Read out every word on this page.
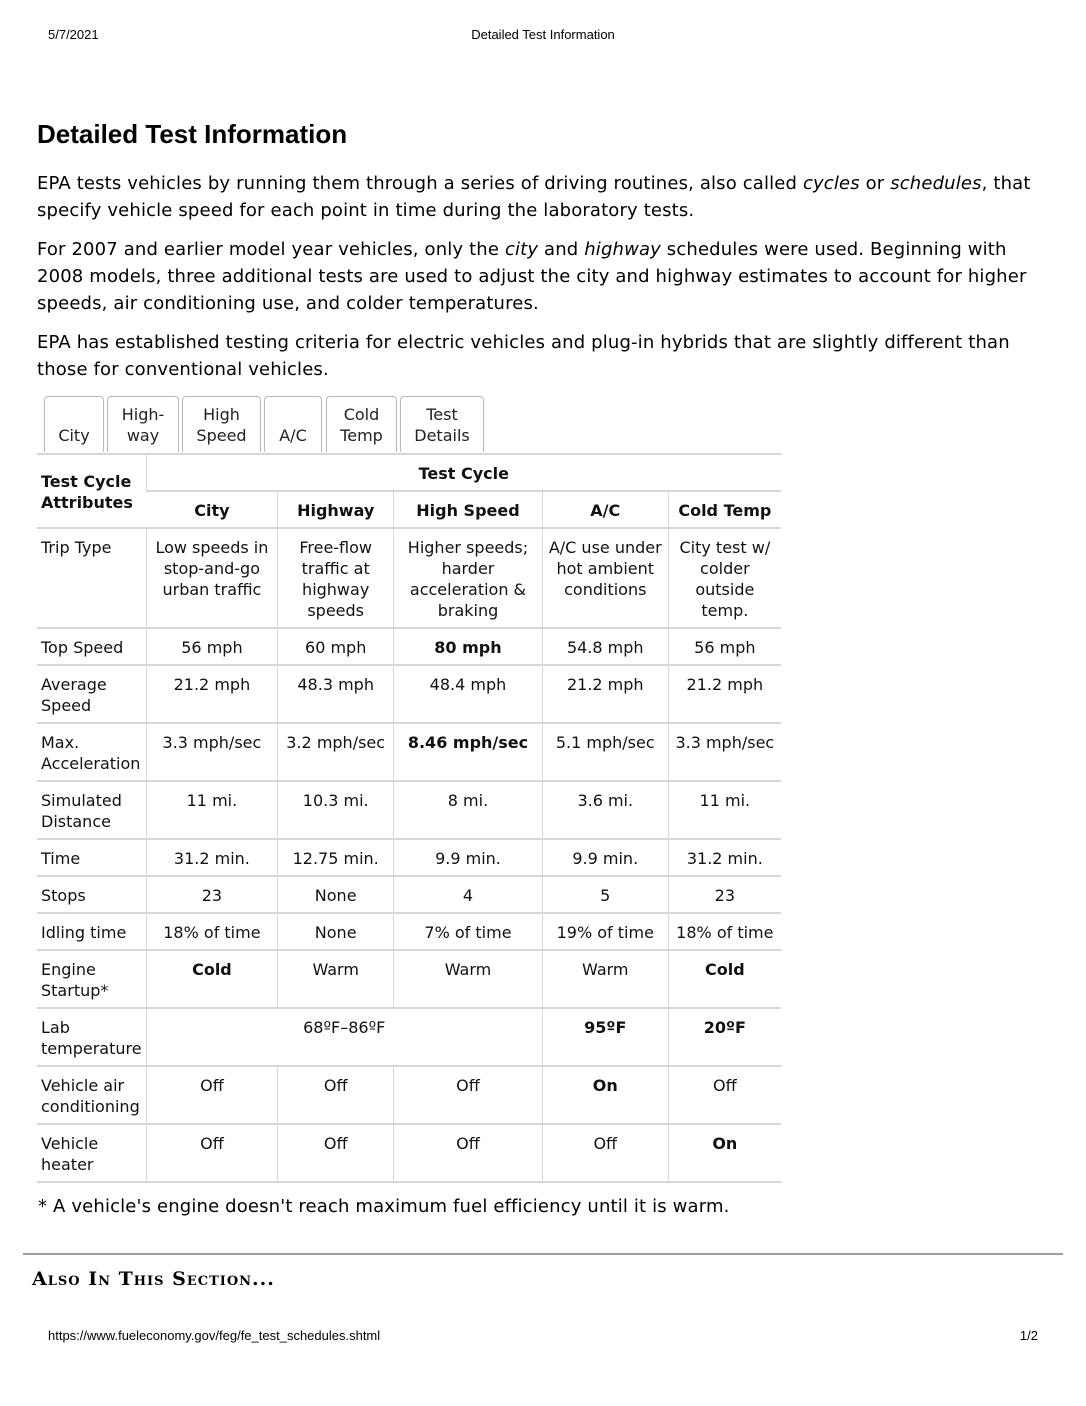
5/7/2021	Detailed Test Information
Detailed Test Information

EPA tests vehicles by running them through a series of driving routines, also called cycles or schedules, that specify vehicle speed for each point in time during the laboratory tests.

For 2007 and earlier model year vehicles, only the city and highway schedules were used. Beginning with 2008 models, three additional tests are used to adjust the city and highway estimates to account for higher speeds, air conditioning use, and colder temperatures.

EPA has established testing criteria for electric vehicles and plug-in hybrids that are slightly different than those for conventional vehicles.

City
High-
way
High
Speed A/C
Cold
Temp
Test
Details
Test Cycle Attributes	Test Cycle				
	City	Highway	High Speed	A/C	Cold Temp
Trip Type	Low speeds in stop-and-go urban traffic	Free-flow traffic at highway speeds	Higher speeds; harder acceleration & braking	A/C use under hot ambient conditions	City test w/ colder outside temp.
Top Speed	56 mph	60 mph	80 mph	54.8 mph	56 mph
Average Speed	21.2 mph	48.3 mph	48.4 mph	21.2 mph	21.2 mph
Max. Acceleration	3.3 mph/sec	3.2 mph/sec	8.46 mph/sec	5.1 mph/sec	3.3 mph/sec
Simulated Distance	11 mi.	10.3 mi.	8 mi.	3.6 mi.	11 mi.
Time	31.2 min.	12.75 min.	9.9 min.	9.9 min.	31.2 min.
Stops	23	None	4	5	23
Idling time	18% of time	None	7% of time	19% of time	18% of time
Engine Startup*	Cold	Warm	Warm	Warm	Cold
Lab temperature	68ºF–86ºF			95ºF	20ºF
Vehicle air conditioning	Off	Off	Off	On	Off
Vehicle heater	Off	Off	Off	Off	On
* A vehicle's engine doesn't reach maximum fuel efficiency until it is warm.
Also In This Section...
https://www.fueleconomy.gov/feg/fe_test_schedules.shtml	1/2
